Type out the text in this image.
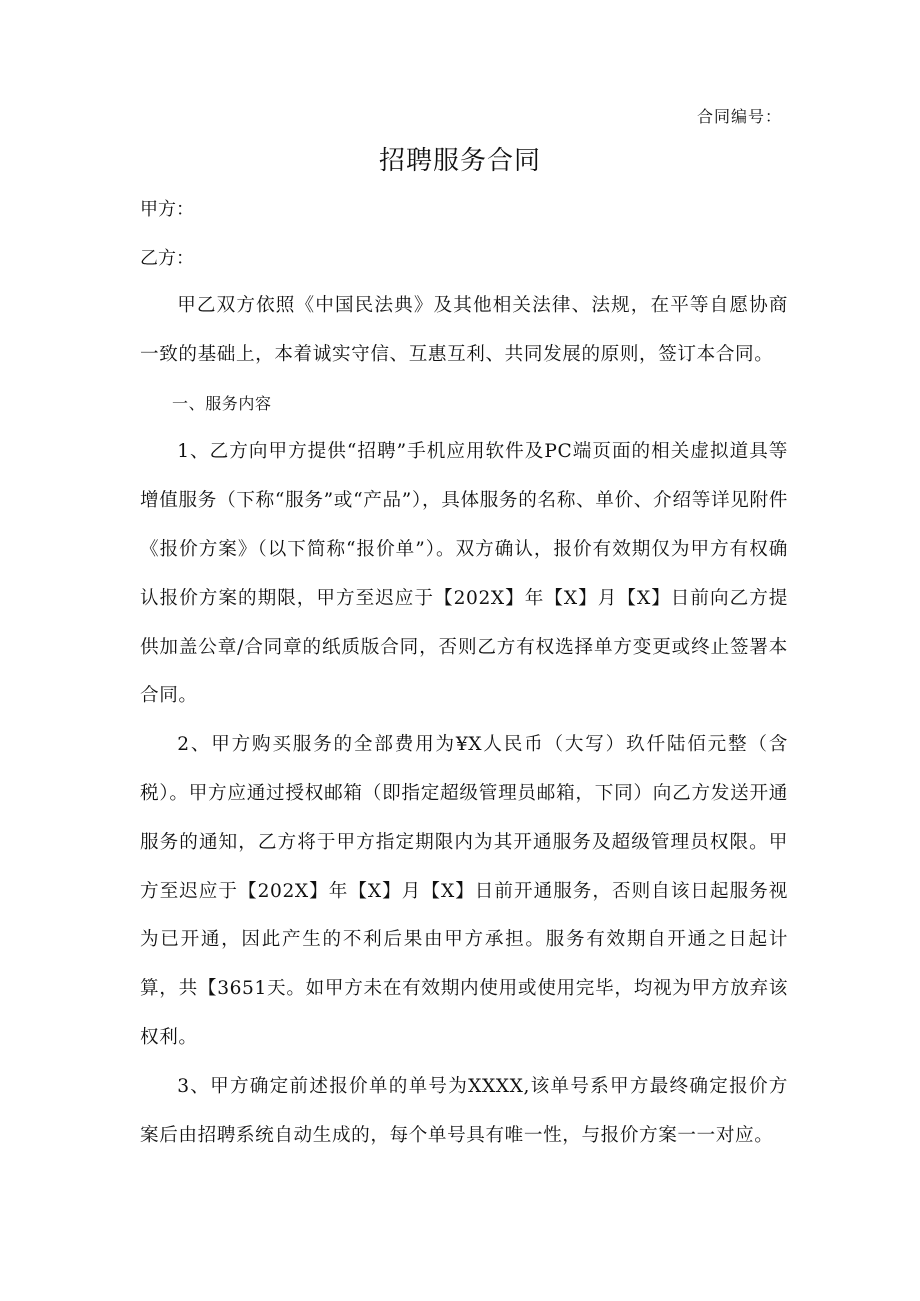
合同编号：
招聘服务合同
甲方：
乙方：

甲乙双方依照《中国民法典》及其他相关法律、法规，在平等自愿协商一致的基础上，本着诚实守信、互惠互利、共同发展的原则，签订本合同。

一、服务内容

1、乙方向甲方提供“招聘”手机应用软件及PC端页面的相关虚拟道具等增值服务（下称“服务”或“产品”），具体服务的名称、单价、介绍等详见附件《报价方案》（以下简称“报价单”）。双方确认，报价有效期仅为甲方有权确认报价方案的期限，甲方至迟应于【202X】年【X】月【X】日前向乙方提供加盖公章/合同章的纸质版合同，否则乙方有权选择单方变更或终止签署本合同。

2、甲方购买服务的全部费用为¥X人民币（大写）玖仟陆佰元整（含税）。甲方应通过授权邮箱（即指定超级管理员邮箱，下同）向乙方发送开通服务的通知，乙方将于甲方指定期限内为其开通服务及超级管理员权限。甲方至迟应于【202X】年【X】月【X】日前开通服务，否则自该日起服务视为已开通，因此产生的不利后果由甲方承担。服务有效期自开通之日起计算，共【3651天。如甲方未在有效期内使用或使用完毕，均视为甲方放弃该权利。

3、甲方确定前述报价单的单号为XXXX,该单号系甲方最终确定报价方案后由招聘系统自动生成的，每个单号具有唯一性，与报价方案一一对应。
